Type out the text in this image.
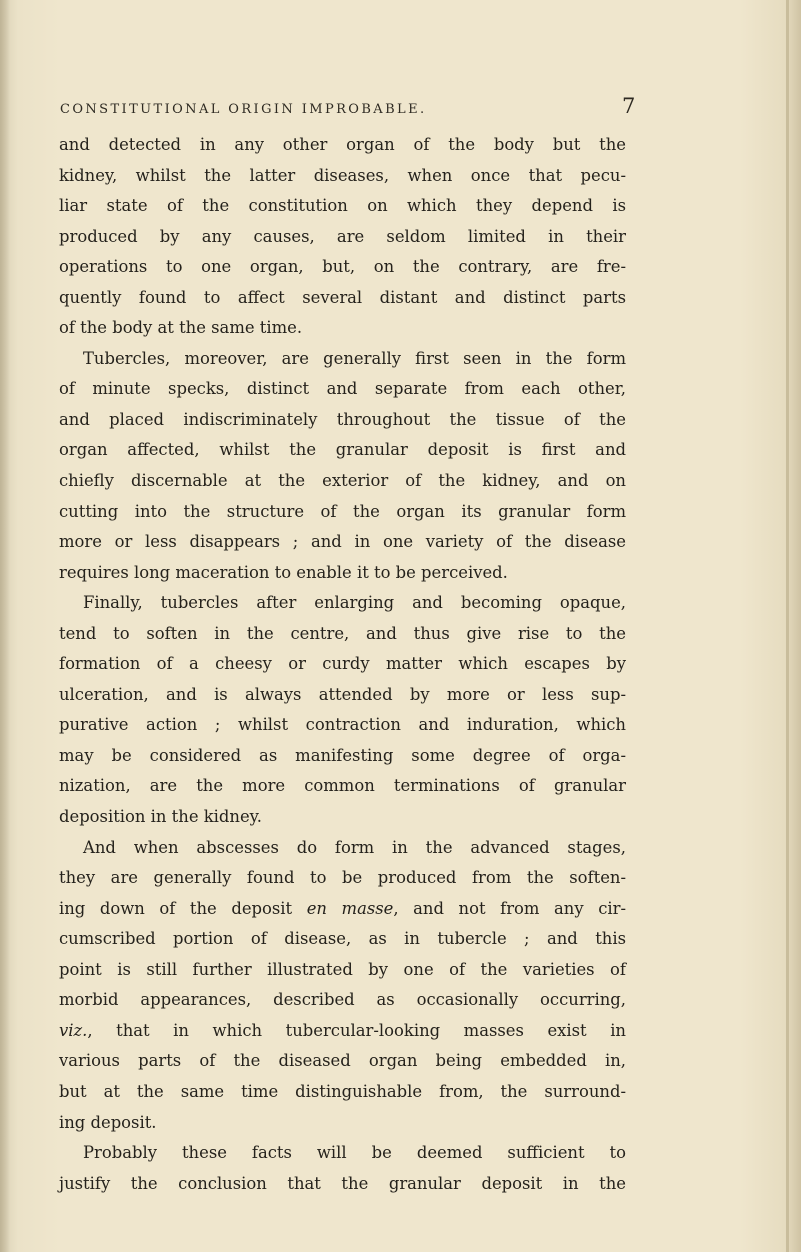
CONSTITUTIONAL ORIGIN IMPROBABLE.	7
and detected in any other organ of the body but the
kidney, whilst the latter diseases, when once that pecu-
liar state of the constitution on which they depend is
produced by any causes, are seldom limited in their
operations to one organ, but, on the contrary, are fre-
quently found to affect several distant and distinct parts
of the body at the same time.
Tubercles, moreover, are generally first seen in the form
of minute specks, distinct and separate from each other,
and placed indiscriminately throughout the tissue of the
organ affected, whilst the granular deposit is first and
chiefly discernable at the exterior of the kidney, and on
cutting into the structure of the organ its granular form
more or less disappears ; and in one variety of the disease
requires long maceration to enable it to be perceived.
Finally, tubercles after enlarging and becoming opaque,
tend to soften in the centre, and thus give rise to the
formation of a cheesy or curdy matter which escapes by
ulceration, and is always attended by more or less sup-
purative action ; whilst contraction and induration, which
may be considered as manifesting some degree of orga-
nization, are the more common terminations of granular
deposition in the kidney.
And when abscesses do form in the advanced stages,
they are generally found to be produced from the soften-
ing down of the deposit en masse, and not from any cir-
cumscribed portion of disease, as in tubercle ; and this
point is still further illustrated by one of the varieties of
morbid appearances, described as occasionally occurring,
viz., that in which tubercular-looking masses exist in
various parts of the diseased organ being embedded in,
but at the same time distinguishable from, the surround-
ing deposit.
Probably these facts will be deemed sufficient to
justify the conclusion that the granular deposit in the
